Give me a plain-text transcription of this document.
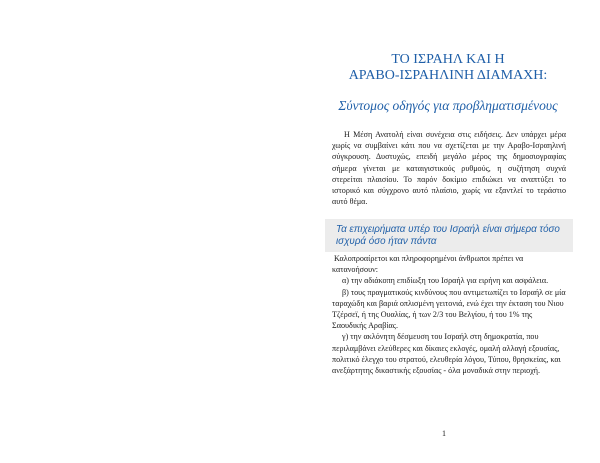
ΤΟ ΙΣΡΑΗΛ ΚΑΙ Η
ΑΡΑΒΟ-ΙΣΡΑΗΛΙΝΗ ΔΙΑΜΑΧΗ:
Σύντομος οδηγός για προβληματισμένους

Η Μέση Ανατολή είναι συνέχεια στις ειδήσεις. Δεν υπάρχει μέρα χωρίς να συμβαίνει κάτι που να σχετίζεται με την Αραβο-Ισραηλινή σύγκρουση. Δυστυχώς, επειδή μεγάλο μέρος της δημοσιογραφίας σήμερα γίνεται με καταιγιστικούς ρυθμούς, η συζήτηση συχνά στερείται πλαισίου. Το παρόν δοκίμιο επιδιώκει να αναπτύξει το ιστορικό και σύγχρονο αυτό πλαίσιο, χωρίς να εξαντλεί το τεράστιο αυτό θέμα.

Τα επιχειρήματα υπέρ του Ισραήλ είναι σήμερα τόσο ισχυρά όσο ήταν πάντα

Καλοπροαίρετοι και πληροφορημένοι άνθρωποι πρέπει να κατανοήσουν:

α) την αδιάκοπη επιδίωξη του Ισραήλ για ειρήνη και ασφάλεια.

β) τους πραγματικούς κινδύνους που αντιμετωπίζει το Ισραήλ σε μία ταραχώδη και βαριά οπλισμένη γειτονιά, ενώ έχει την έκταση του Νιου Τζέρσεϊ, ή της Ουαλίας, ή των 2/3 του Βελγίου, ή του 1% της Σαουδικής Αραβίας.

γ) την ακλόνητη δέσμευση του Ισραήλ στη δημοκρατία, που περιλαμβάνει ελεύθερες και δίκαιες εκλογές, ομαλή αλλαγή εξουσίας, πολιτικό έλεγχο του στρατού, ελευθερία λόγου, Τύπου, θρησκείας, και ανεξάρτητης δικαστικής εξουσίας - όλα μοναδικά στην περιοχή.

1
